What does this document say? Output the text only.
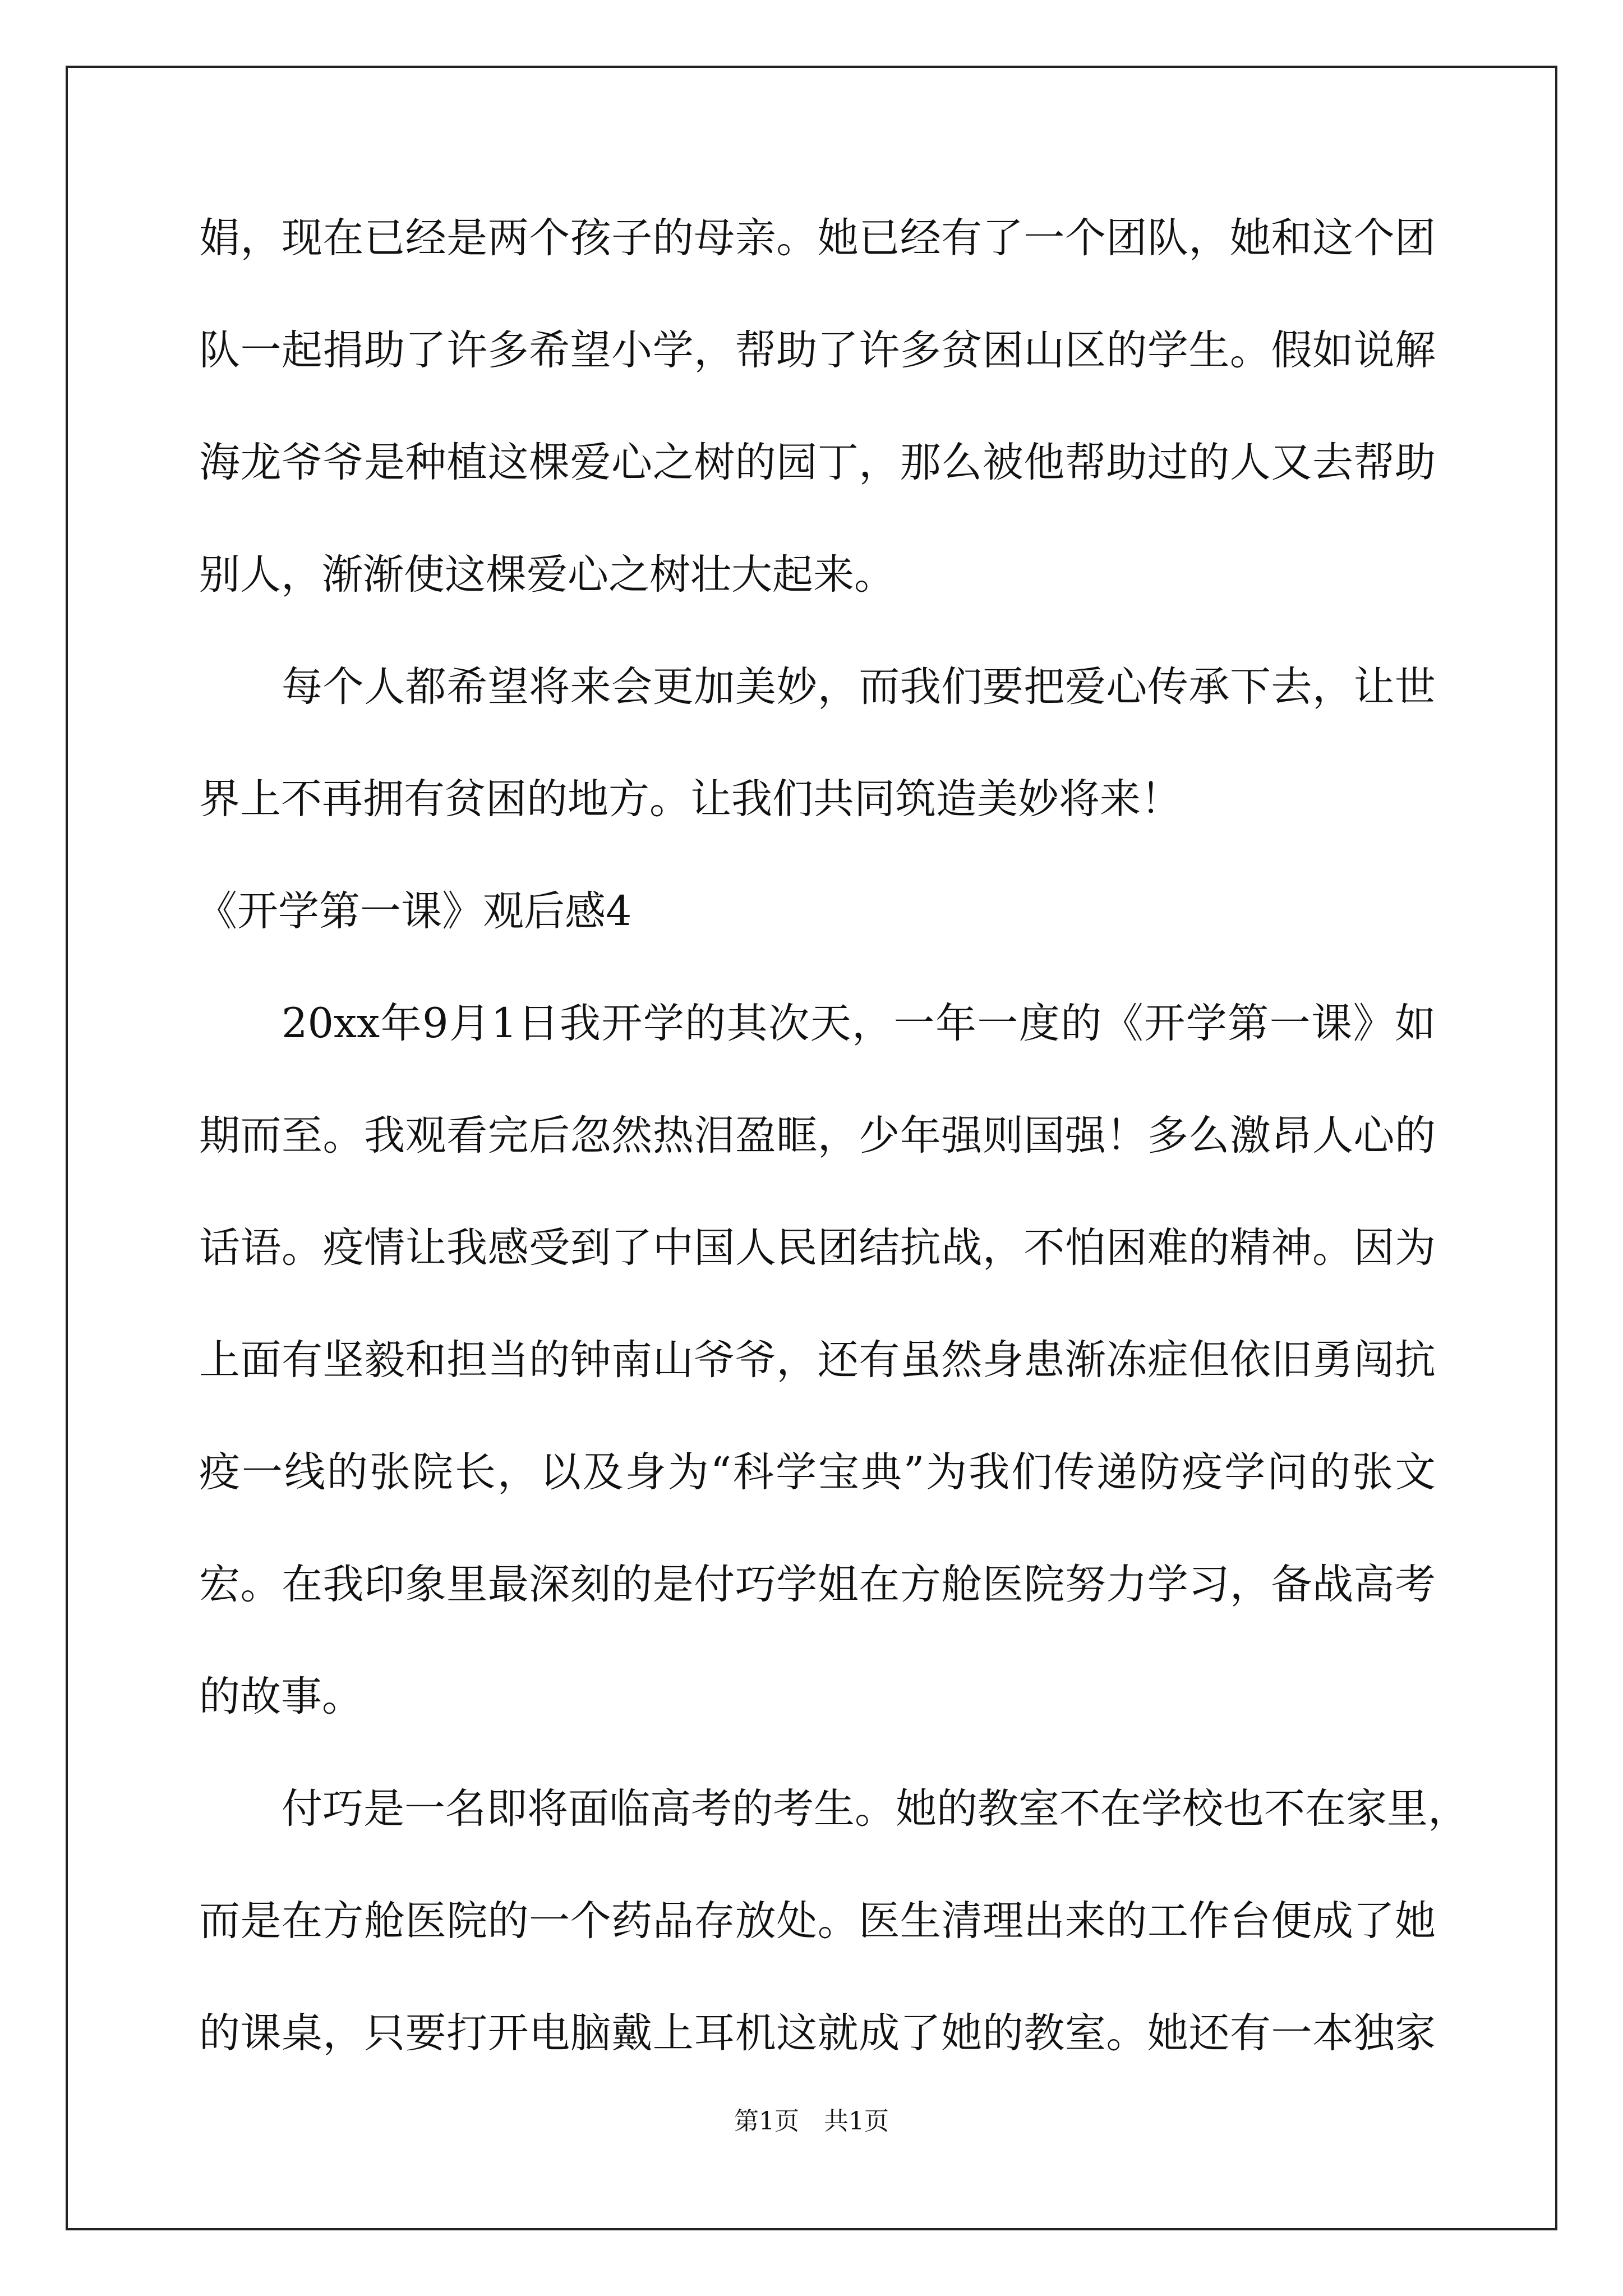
娟，现在已经是两个孩子的母亲。她已经有了一个团队，她和这个团
队一起捐助了许多希望小学，帮助了许多贫困山区的学生。假如说解
海龙爷爷是种植这棵爱心之树的园丁，那么被他帮助过的人又去帮助
别人，渐渐使这棵爱心之树壮大起来。
每个人都希望将来会更加美妙，而我们要把爱心传承下去，让世
界上不再拥有贫困的地方。让我们共同筑造美妙将来！
《开学第一课》观后感4
20xx年9月1日我开学的其次天，一年一度的《开学第一课》如
期而至。我观看完后忽然热泪盈眶，少年强则国强！多么激昂人心的
话语。疫情让我感受到了中国人民团结抗战，不怕困难的精神。因为
上面有坚毅和担当的钟南山爷爷，还有虽然身患渐冻症但依旧勇闯抗
疫一线的张院长，以及身为“科学宝典”为我们传递防疫学问的张文
宏。在我印象里最深刻的是付巧学姐在方舱医院努力学习，备战高考
的故事。
付巧是一名即将面临高考的考生。她的教室不在学校也不在家里，
而是在方舱医院的一个药品存放处。医生清理出来的工作台便成了她
的课桌，只要打开电脑戴上耳机这就成了她的教室。她还有一本独家
第1页　共1页
